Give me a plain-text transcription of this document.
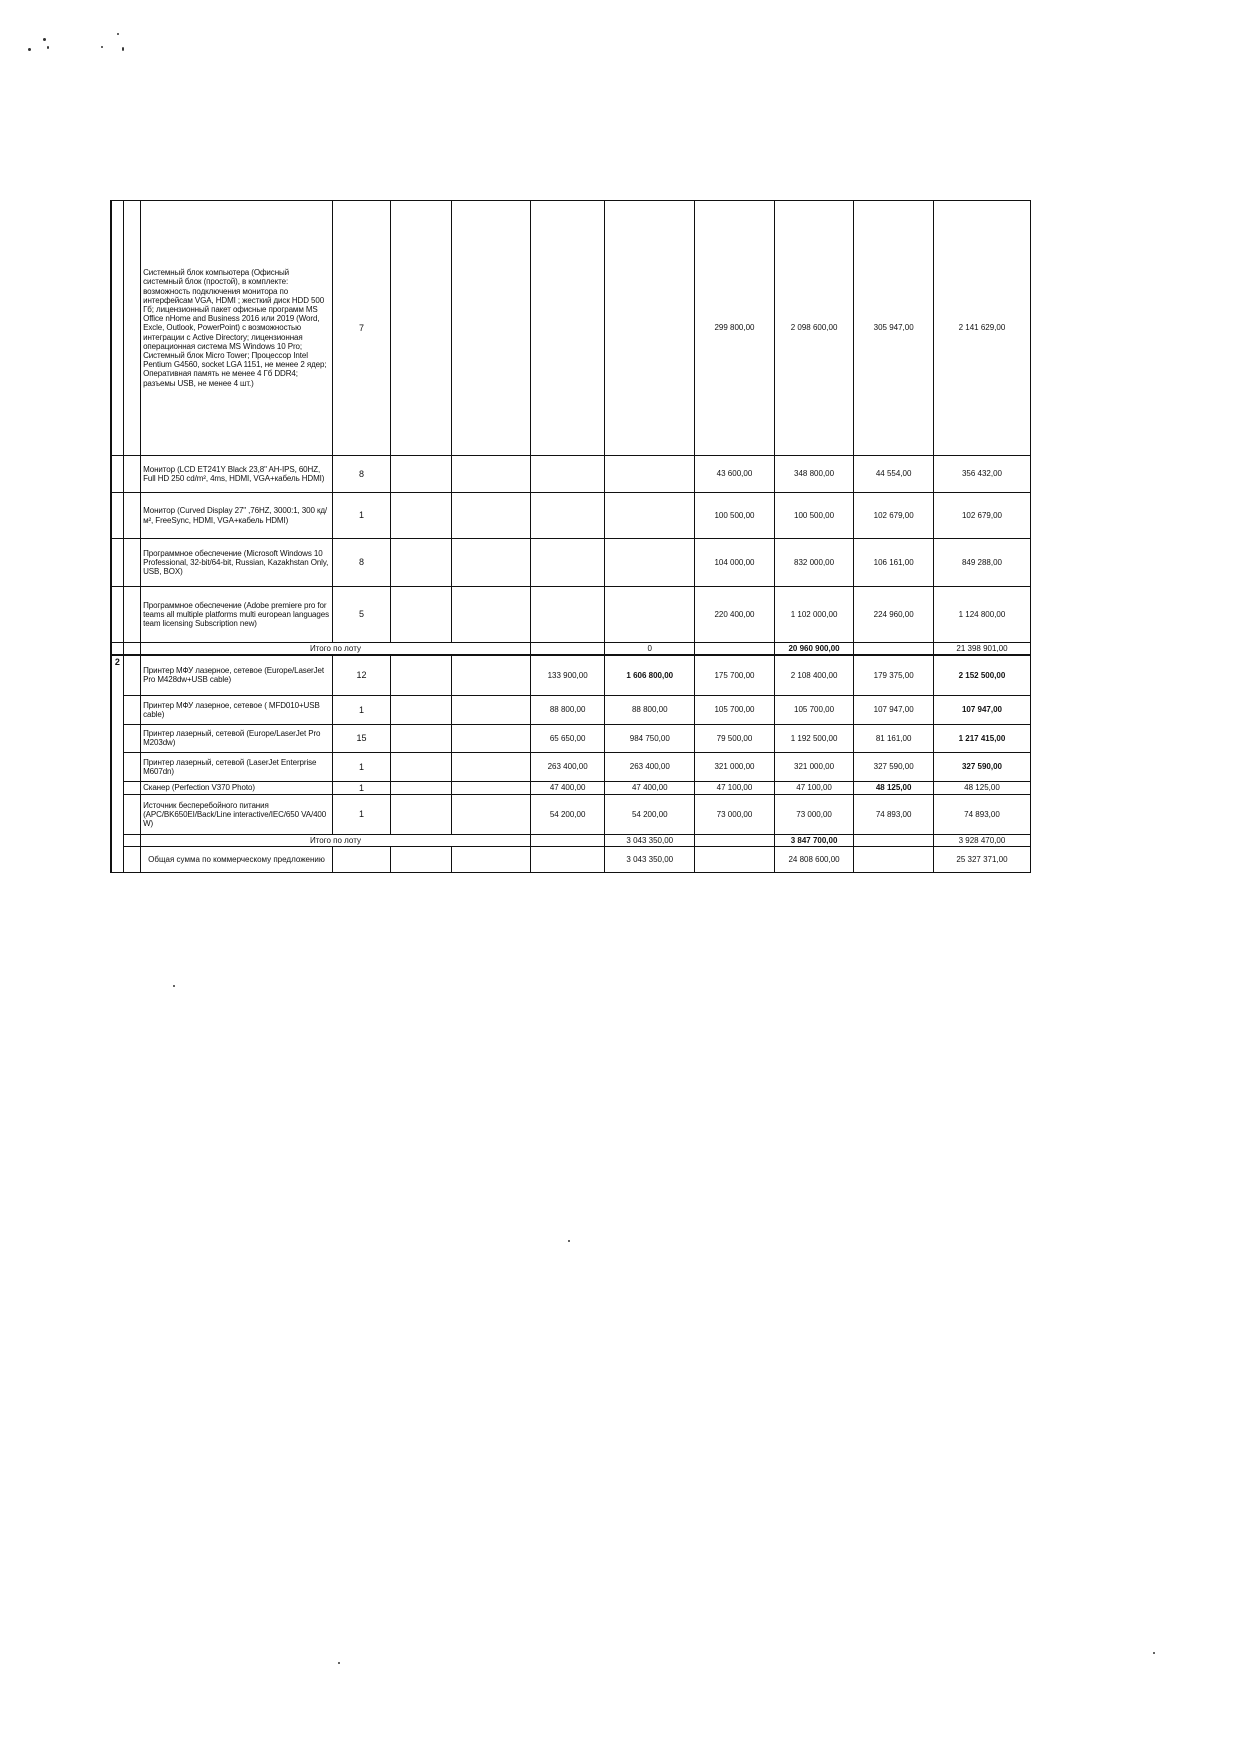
		Системный блок компьютера (Офисный системный блок (простой), в комплекте: возможность подключения монитора по интерфейсам VGA, HDMI ; жесткий диск HDD 500 Гб; лицензионный пакет офисные программ MS Office nHome and Business 2016 или 2019 (Word, Excle, Outlook, PowerPoint) с возможностью интеграции с Active Directory; лицензионная операционная система MS Windows 10 Pro; Системный блок Micro Tower; Процессор Intel Pentium G4560, socket LGA 1151, не менее 2 ядер; Оперативная память не менее 4 Гб DDR4; разъемы USB, не менее 4 шт.)	7					299 800,00	2 098 600,00	305 947,00	2 141 629,00
		Монитор (LCD ET241Y Black 23,8" AH-IPS, 60HZ, Full HD 250 cd/m², 4ms, HDMI, VGA+кабель HDMI)	8					43 600,00	348 800,00	44 554,00	356 432,00
		Монитор (Curved Display 27" ,76HZ, 3000:1, 300 кд/м², FreeSync, HDMI, VGA+кабель HDMI)	1					100 500,00	100 500,00	102 679,00	102 679,00
		Программное обеспечение (Microsoft Windows 10 Professional, 32-bit/64-bit, Russian, Kazakhstan Only, USB, BOX)	8					104 000,00	832 000,00	106 161,00	849 288,00
		Программное обеспечение (Adobe premiere pro for teams all multiple platforms multi european languages team licensing Subscription new)	5					220 400,00	1 102 000,00	224 960,00	1 124 800,00
		Итого по лоту					0		20 960 900,00		21 398 901,00
2		Принтер МФУ лазерное, сетевое (Europe/LaserJet Pro M428dw+USB cable)	12			133 900,00	1 606 800,00	175 700,00	2 108 400,00	179 375,00	2 152 500,00
		Принтер МФУ лазерное, сетевое ( MFD010+USB cable)	1			88 800,00	88 800,00	105 700,00	105 700,00	107 947,00	107 947,00
		Принтер лазерный, сетевой (Europe/LaserJet Pro M203dw)	15			65 650,00	984 750,00	79 500,00	1 192 500,00	81 161,00	1 217 415,00
		Принтер лазерный, сетевой (LaserJet Enterprise M607dn)	1			263 400,00	263 400,00	321 000,00	321 000,00	327 590,00	327 590,00
		Сканер (Perfection V370 Photo)	1			47 400,00	47 400,00	47 100,00	47 100,00	48 125,00	48 125,00
		Источник бесперебойного питания (APC/BK650EI/Back/Line interactive/IEC/650 VA/400 W)	1			54 200,00	54 200,00	73 000,00	73 000,00	74 893,00	74 893,00
		Итого по лоту					3 043 350,00		3 847 700,00		3 928 470,00
		Общая сумма по коммерческому предложению					3 043 350,00		24 808 600,00		25 327 371,00
